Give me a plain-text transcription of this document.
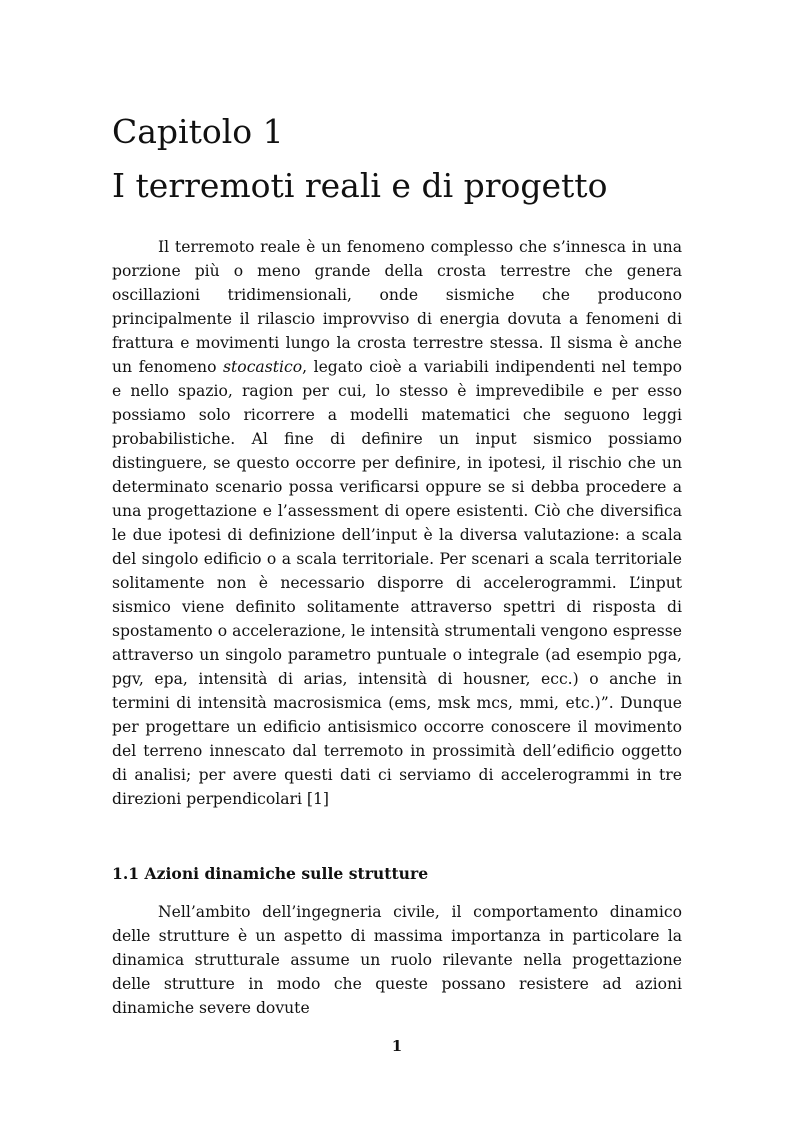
Capitolo 1
I terremoti reali e di progetto

Il terremoto reale è un fenomeno complesso che s’innesca in una porzione più o meno grande della crosta terrestre che genera oscillazioni tridimensionali, onde sismiche che producono principalmente il rilascio improvviso di energia dovuta a fenomeni di frattura e movimenti lungo la crosta terrestre stessa. Il sisma è anche un fenomeno stocastico, legato cioè a variabili indipendenti nel tempo e nello spazio, ragion per cui, lo stesso è imprevedibile e per esso possiamo solo ricorrere a modelli matematici che seguono leggi probabilistiche. Al fine di definire un input sismico possiamo distinguere, se questo occorre per definire, in ipotesi, il rischio che un determinato scenario possa verificarsi oppure se si debba procedere a una progettazione e l’assessment di opere esistenti. Ciò che diversifica le due ipotesi di definizione dell’input è la diversa valutazione: a scala del singolo edificio o a scala territoriale. Per scenari a scala territoriale solitamente non è necessario disporre di accelerogrammi. L’input sismico viene definito solitamente attraverso spettri di risposta di spostamento o accelerazione, le intensità strumentali vengono espresse attraverso un singolo parametro puntuale o integrale (ad esempio pga, pgv, epa, intensità di arias, intensità di housner, ecc.) o anche in termini di intensità macrosismica (ems, msk mcs, mmi, etc.)”. Dunque per progettare un edificio antisismico occorre conoscere il movimento del terreno innescato dal terremoto in prossimità dell’edificio oggetto di analisi; per avere questi dati ci serviamo di accelerogrammi in tre direzioni perpendicolari [1]

1.1 Azioni dinamiche sulle strutture

Nell’ambito dell’ingegneria civile, il comportamento dinamico delle strutture è un aspetto di massima importanza in particolare la dinamica strutturale assume un ruolo rilevante nella progettazione delle strutture in modo che queste possano resistere ad azioni dinamiche severe dovute

1
